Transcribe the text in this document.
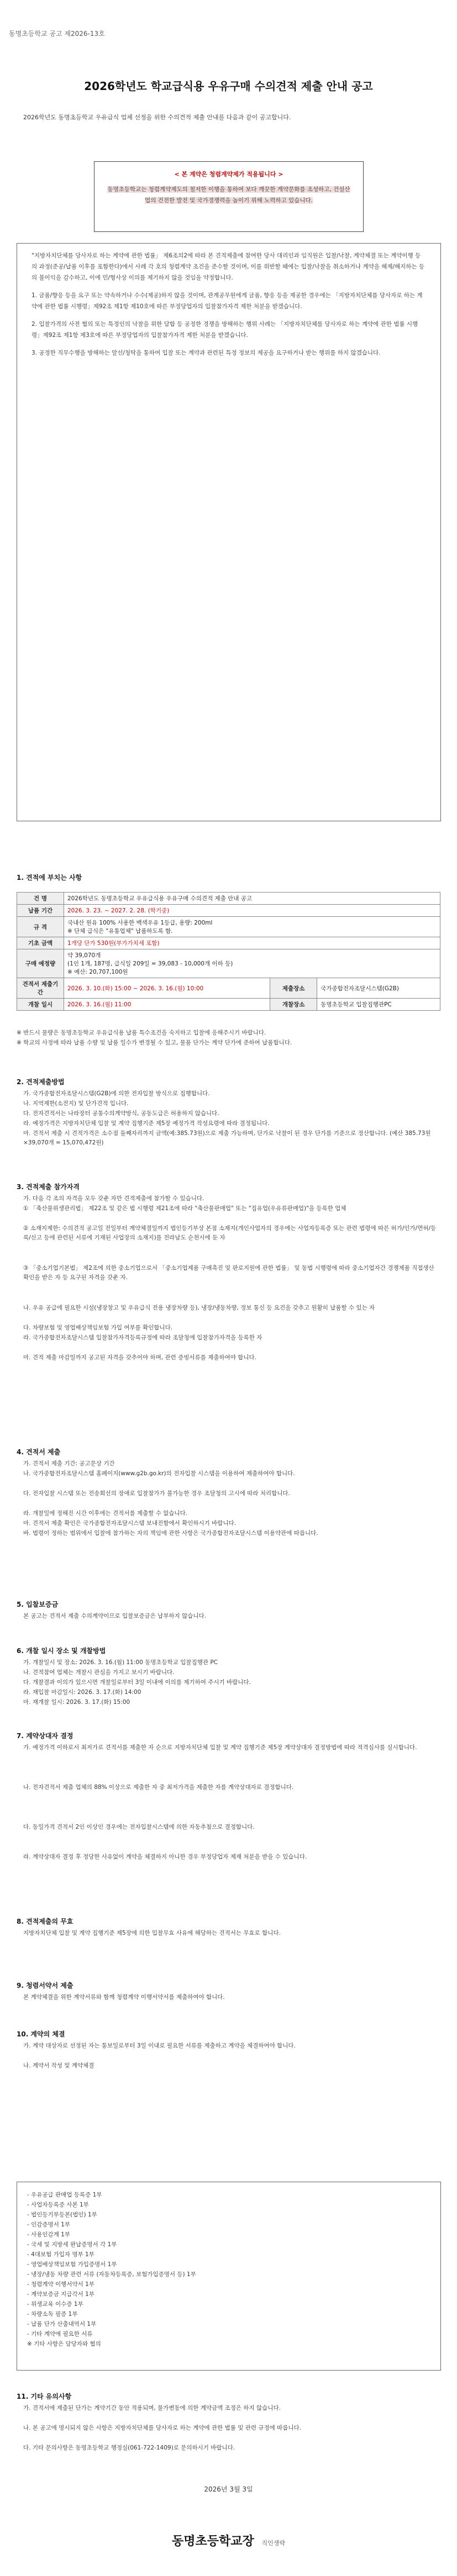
동명초등학교 공고 제2026-13호
2026학년도 학교급식용 우유구매 수의견적 제출 안내 공고
2026학년도 동명초등학교 우유급식 업체 선정을 위한 수의견적 제출 안내를 다음과 같이 공고합니다.
< 본 계약은 청렴계약제가 적용됩니다 >
동명초등학교는 청렴계약제도의 철저한 이행을 통하여 보다 깨끗한 계약문화를 조성하고, 건설산
업의 건전한 발전 및 국가경쟁력을 높이기 위해 노력하고 있습니다.
"지방자치단체를 당사자로 하는 계약에 관한 법률」 제6조의2에 따라 본 견적제출에 참여한 당사 대리인과 임직원은 입찰/낙찰, 계약체결 또는 계약이행 등의 과정(준공/납품 이후를 포함한다)에서 사례 각 호의 청렴계약 조건을 준수할 것이며, 이를 위반할 때에는 입찰/낙찰을 취소하거나 계약을 해제/해지하는 등의 불이익을 감수하고, 이에 민/형사상 이의를 제기하지 않을 것임을 약정합니다.
1. 금품/향응 등을 요구 또는 약속하거나 수수(제공)하지 않을 것이며, 관계공무원에게 금품, 향응 등을 제공한 경우에는 「지방자치단체를 당사자로 하는 계약에 관한 법률 시행령」제92조 제1항 제10호에 따른 부정당업자의 입찰참가자격 제한 처분을 받겠습니다.
2. 입찰가격의 사전 협의 또는 특정인의 낙찰을 위한 담합 등 공정한 경쟁을 방해하는 행위 사례는 「지방자치단체를 당사자로 하는 계약에 관한 법률 시행령」제92조 제1항 제3호에 따른 부정당업자의 입찰참가자격 제한 처분을 받겠습니다.
3. 공정한 직무수행을 방해하는 알선/청탁을 통하여 입찰 또는 계약과 관련된 특정 정보의 제공을 요구하거나 받는 행위를 하지 않겠습니다.
1. 견적에 부치는 사항
건 명	2026학년도 동명초등학교 우유급식용 우유구매 수의견적 제출 안내 공고		
납품 기간	2026. 3. 23. ~ 2027. 2. 28. (학기중)		
규 격	국내산 원유 100% 사용한 백색우유 1등급, 용량: 200ml
※ 단체 급식은 "유통업체" 납품하도록 함.		

기초 금액	1개당 단가 530원(부가가치세 포함)		
구매 예정량	약 39,070개
(1인 1개, 187명, 급식일 209일 = 39,083 - 10,000개 이하 등)
※ 예산: 20,707,100원		

견적서 제출기간	2026. 3. 10.(화) 15:00 ~ 2026. 3. 16.(월) 10:00	제출장소	국가종합전자조달시스템(G2B)
개찰 일시	2026. 3. 16.(월) 11:00	개찰장소	동명초등학교 입찰집행관PC
※ 반드시 물량은 동명초등학교 우유급식용 납품 특수조건을 숙지하고 입찰에 응해주시기 바랍니다.
※ 학교의 사정에 따라 납품 수량 및 납품 일수가 변경될 수 있고, 물품 단가는 계약 단가에 준하여 납품합니다.
2. 견적제출방법
가. 국가종합전자조달시스템(G2B)에 의한 전자입찰 방식으로 집행합니다.
나. 지역제한(소전지) 및 단가견적 입니다.
다. 전자견적서는 나라장터 공통수의계약방식, 공동도급은 허용하지 않습니다.
라. 예정가격은 지방자치단체 입찰 및 계약 집행기준 제5장 예정가격 작성요령에 따라 결정됩니다.
마. 견적서 제출 시 견적가격은 소수점 둘째자리까지 금액(예:385.73원)으로 제출 가능하며, 단가로 낙찰이 된 경우 단가를 기준으로 정산합니다. (예산 385.73원×39,070개 = 15,070,472원)
3. 견적제출 참가자격
가. 다음 각 조의 자격을 모두 갖춘 자만 견적제출에 참가할 수 있습니다.
① 「축산물위생관리법」 제22조 및 같은 법 시행령 제21조에 따라 "축산물판매업" 또는 "집유업(우유류판매업)"을 등록한 업체
② 소재지제한: 수의견적 공고일 전일부터 계약체결일까지 법인등기부상 본점 소재지(개인사업자의 경우에는 사업자등록증 또는 관련 법령에 따른 허가/인가/면허/등록/신고 등에 관련된 서류에 기재된 사업장의 소재지)를 전라남도 순천시에 둔 자
③ 「중소기업기본법」 제2조에 의한 중소기업으로서 「중소기업제품 구매촉진 및 판로지원에 관한 법률」 및 동법 시행령에 따라 중소기업자간 경쟁제품 직접생산 확인을 받은 자 등 요구된 자격을 갖춘 자.
나. 우유 공급에 필요한 시설(냉장창고 및 우유급식 전용 냉장차량 등), 냉장/냉동차량, 정보 통신 등 요건을 갖추고 원활히 납품할 수 있는 자
다. 차량보험 및 영업배상책임보험 가입 여부를 확인합니다.
라. 국가종합전자조달시스템 입찰참가자격등록규정에 따라 조달청에 입찰참가자격을 등록한 자
마. 견적 제출 마감일까지 공고된 자격을 갖추어야 하며, 관련 증빙서류를 제출하여야 합니다.
4. 견적서 제출
가. 견적서 제출 기간: 공고문상 기간
나. 국가종합전자조달시스템 홈페이지(www.g2b.go.kr)의 전자입찰 시스템을 이용하여 제출하여야 합니다.
다. 전자입찰 시스템 또는 전송회선의 장애로 입찰참가가 불가능한 경우 조달청의 고시에 따라 처리합니다.
라. 개찰일에 정해진 시간 이후에는 견적서를 제출할 수 없습니다.
마. 견적서 제출 확인은 국가종합전자조달시스템 보내진함에서 확인하시기 바랍니다.
바. 법령이 정하는 범위에서 입찰에 참가하는 자의 책임에 관한 사항은 국가종합전자조달시스템 이용약관에 따릅니다.
5. 입찰보증금
본 공고는 견적서 제출 수의계약이므로 입찰보증금은 납부하지 않습니다.
6. 개찰 일시 장소 및 개찰방법
가. 개찰일시 및 장소: 2026. 3. 16.(월) 11:00 동명초등학교 입찰집행관 PC
나. 견적참여 업체는 개찰시 관심을 가지고 보시기 바랍니다.
다. 개찰결과 이의가 있으시면 개찰일로부터 3일 이내에 이의를 제기하여 주시기 바랍니다.
라. 재입찰 마감일시: 2026. 3. 17.(화) 14:00
마. 재개찰 일시: 2026. 3. 17.(화) 15:00
7. 계약상대자 결정
가. 예정가격 이하로서 최저가로 견적서를 제출한 자 순으로 지방자치단체 입찰 및 계약 집행기준 제5장 계약상대자 결정방법에 따라 적격심사를 실시합니다.
나. 전자견적서 제출 업체의 88% 이상으로 제출한 자 중 최저가격을 제출한 자를 계약상대자로 결정합니다.
다. 동일가격 견적서 2인 이상인 경우에는 전자입찰시스템에 의한 자동추첨으로 결정합니다.
라. 계약상대자 결정 후 정당한 사유없이 계약을 체결하지 아니한 경우 부정당업자 제재 처분을 받을 수 있습니다.
8. 견적제출의 무효
지방자치단체 입찰 및 계약 집행기준 제5장에 의한 입찰무효 사유에 해당하는 견적서는 무효로 합니다.
9. 청렴서약서 제출
본 계약체결을 위한 계약서류와 함께 청렴계약 이행서약서를 제출하여야 합니다.
10. 계약의 체결
가. 계약 대상자로 선정된 자는 통보일로부터 3일 이내로 필요한 서류를 제출하고 계약을 체결하여야 합니다.
나. 계약서 작성 및 계약체결
- 우유공급 판매업 등록증 1부
- 사업자등록증 사본 1부
- 법인등기부등본(법인) 1부
- 인감증명서 1부
- 사용인감계 1부
- 국세 및 지방세 완납증명서 각 1부
- 4대보험 가입자 명부 1부
- 영업배상책임보험 가입증명서 1부
- 냉장/냉동 차량 관련 서류 (자동차등록증, 보험가입증명서 등) 1부
- 청렴계약 이행서약서 1부
- 계약보증금 지급각서 1부
- 위생교육 이수증 1부
- 차량소독 필증 1부
- 납품 단가 산출내역서 1부
- 기타 계약에 필요한 서류
※ 기타 사항은 담당자와 협의
11. 기타 유의사항
가. 견적서에 제출된 단가는 계약기간 동안 적용되며, 물가변동에 의한 계약금액 조정은 하지 않습니다.
나. 본 공고에 명시되지 않은 사항은 지방자치단체를 당사자로 하는 계약에 관한 법률 및 관련 규정에 따릅니다.
다. 기타 문의사항은 동명초등학교 행정실(061-722-1409)로 문의하시기 바랍니다.
2026년 3월 3일
동명초등학교장 직인생략
